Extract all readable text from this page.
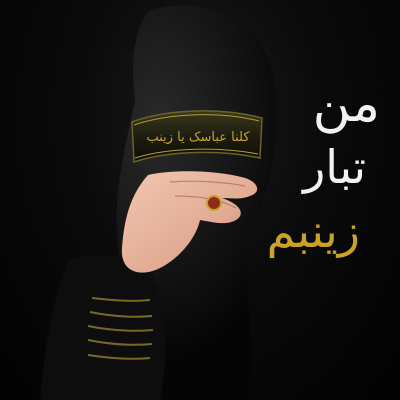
کلنا عباسک یا زینب
من
تبار
زینبم
